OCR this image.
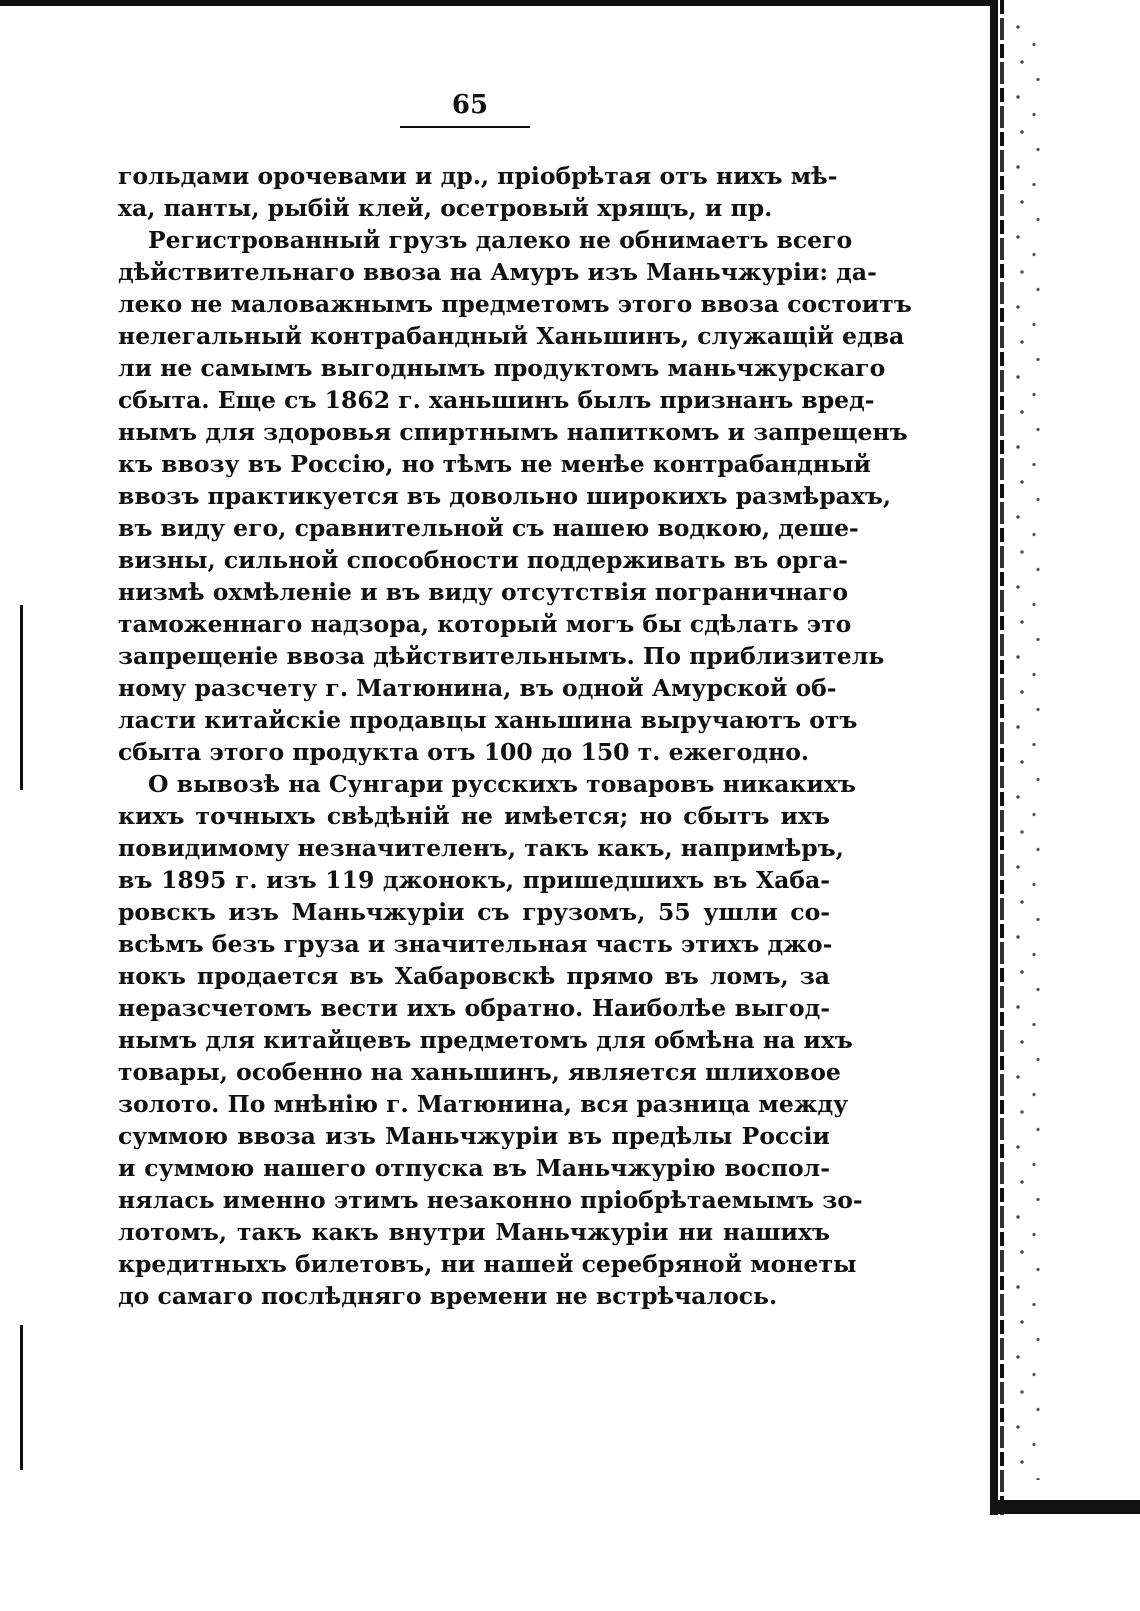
65
гольдами орочевами и др., пріобрѣтая отъ нихъ мѣ-
ха, панты, рыбій клей, осетровый хрящъ, и пр.
Регистрованный грузъ далеко не обнимаетъ всего
дѣйствительнаго ввоза на Амуръ изъ Маньчжуріи: да-
леко не маловажнымъ предметомъ этого ввоза состоитъ
нелегальный контрабандный Ханьшинъ, служащій едва
ли не самымъ выгоднымъ продуктомъ маньчжурскаго
сбыта. Еще съ 1862 г. ханьшинъ былъ признанъ вред-
нымъ для здоровья спиртнымъ напиткомъ и запрещенъ
къ ввозу въ Россію, но тѣмъ не менѣе контрабандный
ввозъ практикуется въ довольно широкихъ размѣрахъ,
въ виду его, сравнительной съ нашею водкою, деше-
визны, сильной способности поддерживать въ орга-
низмѣ охмѣленіе и въ виду отсутствія пограничнаго
таможеннаго надзора, который могъ бы сдѣлать это
запрещеніе ввоза дѣйствительнымъ. По приблизитель
ному разсчету г. Матюнина, въ одной Амурской об-
ласти китайскіе продавцы ханьшина выручаютъ отъ
сбыта этого продукта отъ 100 до 150 т. ежегодно.
О вывозѣ на Сунгари русскихъ товаровъ никакихъ
кихъ точныхъ свѣдѣній не имѣется; но сбытъ ихъ
повидимому незначителенъ, такъ какъ, напримѣръ,
въ 1895 г. изъ 119 джонокъ, пришедшихъ въ Хаба-
ровскъ изъ Маньчжуріи съ грузомъ, 55 ушли со-
всѣмъ безъ груза и значительная часть этихъ джо-
нокъ продается въ Хабаровскѣ прямо въ ломъ, за
неразсчетомъ вести ихъ обратно. Наиболѣе выгод-
нымъ для китайцевъ предметомъ для обмѣна на ихъ
товары, особенно на ханьшинъ, является шлиховое
золото. По мнѣнію г. Матюнина, вся разница между
суммою ввоза изъ Маньчжуріи въ предѣлы Россіи
и суммою нашего отпуска въ Маньчжурію воспол-
нялась именно этимъ незаконно пріобрѣтаемымъ зо-
лотомъ, такъ какъ внутри Маньчжуріи ни нашихъ
кредитныхъ билетовъ, ни нашей серебряной монеты
до самаго послѣдняго времени не встрѣчалось.
